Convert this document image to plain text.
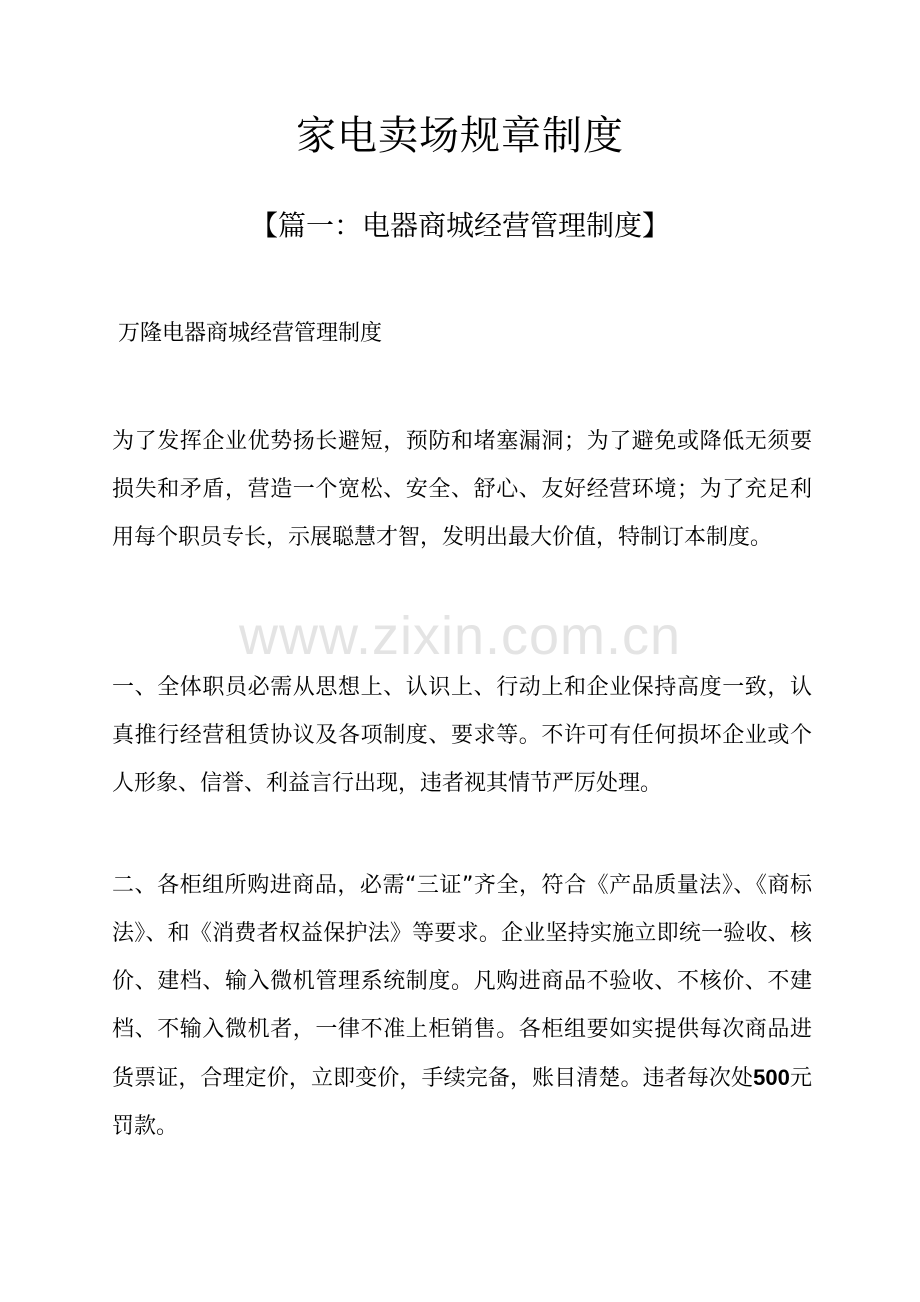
家电卖场规章制度
【篇一：电器商城经营管理制度】
万隆电器商城经营管理制度

为了发挥企业优势扬长避短，预防和堵塞漏洞；为了避免或降低无须要损失和矛盾，营造一个宽松、安全、舒心、友好经营环境；为了充足利用每个职员专长，示展聪慧才智，发明出最大价值，特制订本制度。

www.zixin.com.cn

一、全体职员必需从思想上、认识上、行动上和企业保持高度一致，认真推行经营租赁协议及各项制度、要求等。不许可有任何损坏企业或个人形象、信誉、利益言行出现，违者视其情节严厉处理。

二、各柜组所购进商品，必需“三证”齐全，符合《产品质量法》、《商标法》、和《消费者权益保护法》等要求。企业坚持实施立即统一验收、核价、建档、输入微机管理系统制度。凡购进商品不验收、不核价、不建档、不输入微机者，一律不准上柜销售。各柜组要如实提供每次商品进货票证，合理定价，立即变价，手续完备，账目清楚。违者每次处500元罚款。
